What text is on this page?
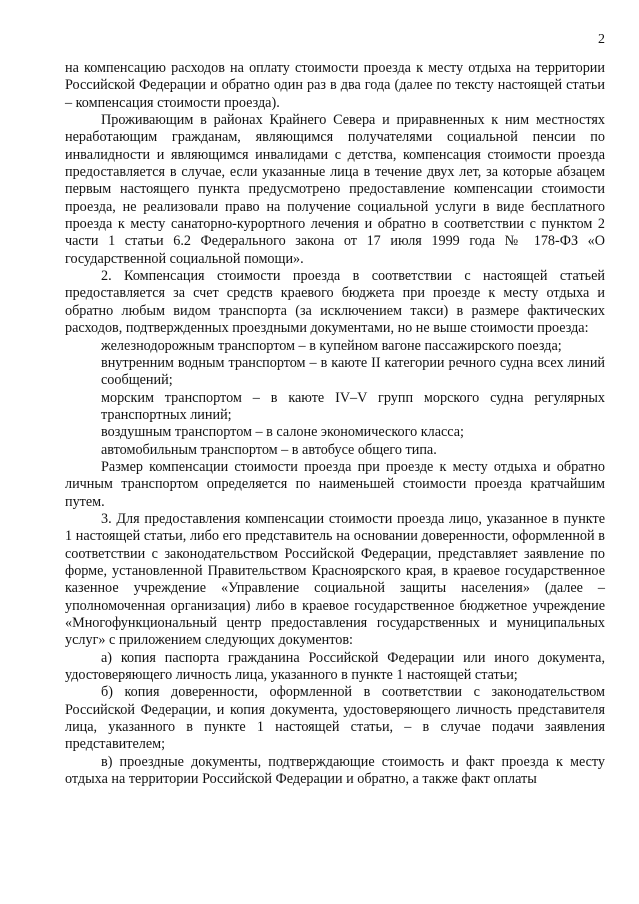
2

на компенсацию расходов на оплату стоимости проезда к месту отдыха на территории Российской Федерации и обратно один раз в два года (далее по тексту настоящей статьи – компенсация стоимости проезда).

Проживающим в районах Крайнего Севера и приравненных к ним местностях неработающим гражданам, являющимся получателями социальной пенсии по инвалидности и являющимся инвалидами с детства, компенсация стоимости проезда предоставляется в случае, если указанные лица в течение двух лет, за которые абзацем первым настоящего пункта предусмотрено предоставление компенсации стоимости проезда, не реализовали право на получение социальной услуги в виде бесплатного проезда к месту санаторно-курортного лечения и обратно в соответствии с пунктом 2 части 1 статьи 6.2 Федерального закона от 17 июля 1999 года № 178-ФЗ «О государственной социальной помощи».

2. Компенсация стоимости проезда в соответствии с настоящей статьей предоставляется за счет средств краевого бюджета при проезде к месту отдыха и обратно любым видом транспорта (за исключением такси) в размере фактических расходов, подтвержденных проездными документами, но не выше стоимости проезда:

железнодорожным транспортом – в купейном вагоне пассажирского поезда;

внутренним водным транспортом – в каюте II категории речного судна всех линий сообщений;

морским транспортом – в каюте IV–V групп морского судна регулярных транспортных линий;

воздушным транспортом – в салоне экономического класса;

автомобильным транспортом – в автобусе общего типа.

Размер компенсации стоимости проезда при проезде к месту отдыха и обратно личным транспортом определяется по наименьшей стоимости проезда кратчайшим путем.

3. Для предоставления компенсации стоимости проезда лицо, указанное в пункте 1 настоящей статьи, либо его представитель на основании доверенности, оформленной в соответствии с законодательством Российской Федерации, представляет заявление по форме, установленной Правительством Красноярского края, в краевое государственное казенное учреждение «Управление социальной защиты населения» (далее – уполномоченная организация) либо в краевое государственное бюджетное учреждение «Многофункциональный центр предоставления государственных и муниципальных услуг» с приложением следующих документов:

а) копия паспорта гражданина Российской Федерации или иного документа, удостоверяющего личность лица, указанного в пункте 1 настоящей статьи;

б) копия доверенности, оформленной в соответствии с законодательством Российской Федерации, и копия документа, удостоверяющего личность представителя лица, указанного в пункте 1 настоящей статьи, – в случае подачи заявления представителем;

в) проездные документы, подтверждающие стоимость и факт проезда к месту отдыха на территории Российской Федерации и обратно, а также факт оплаты
